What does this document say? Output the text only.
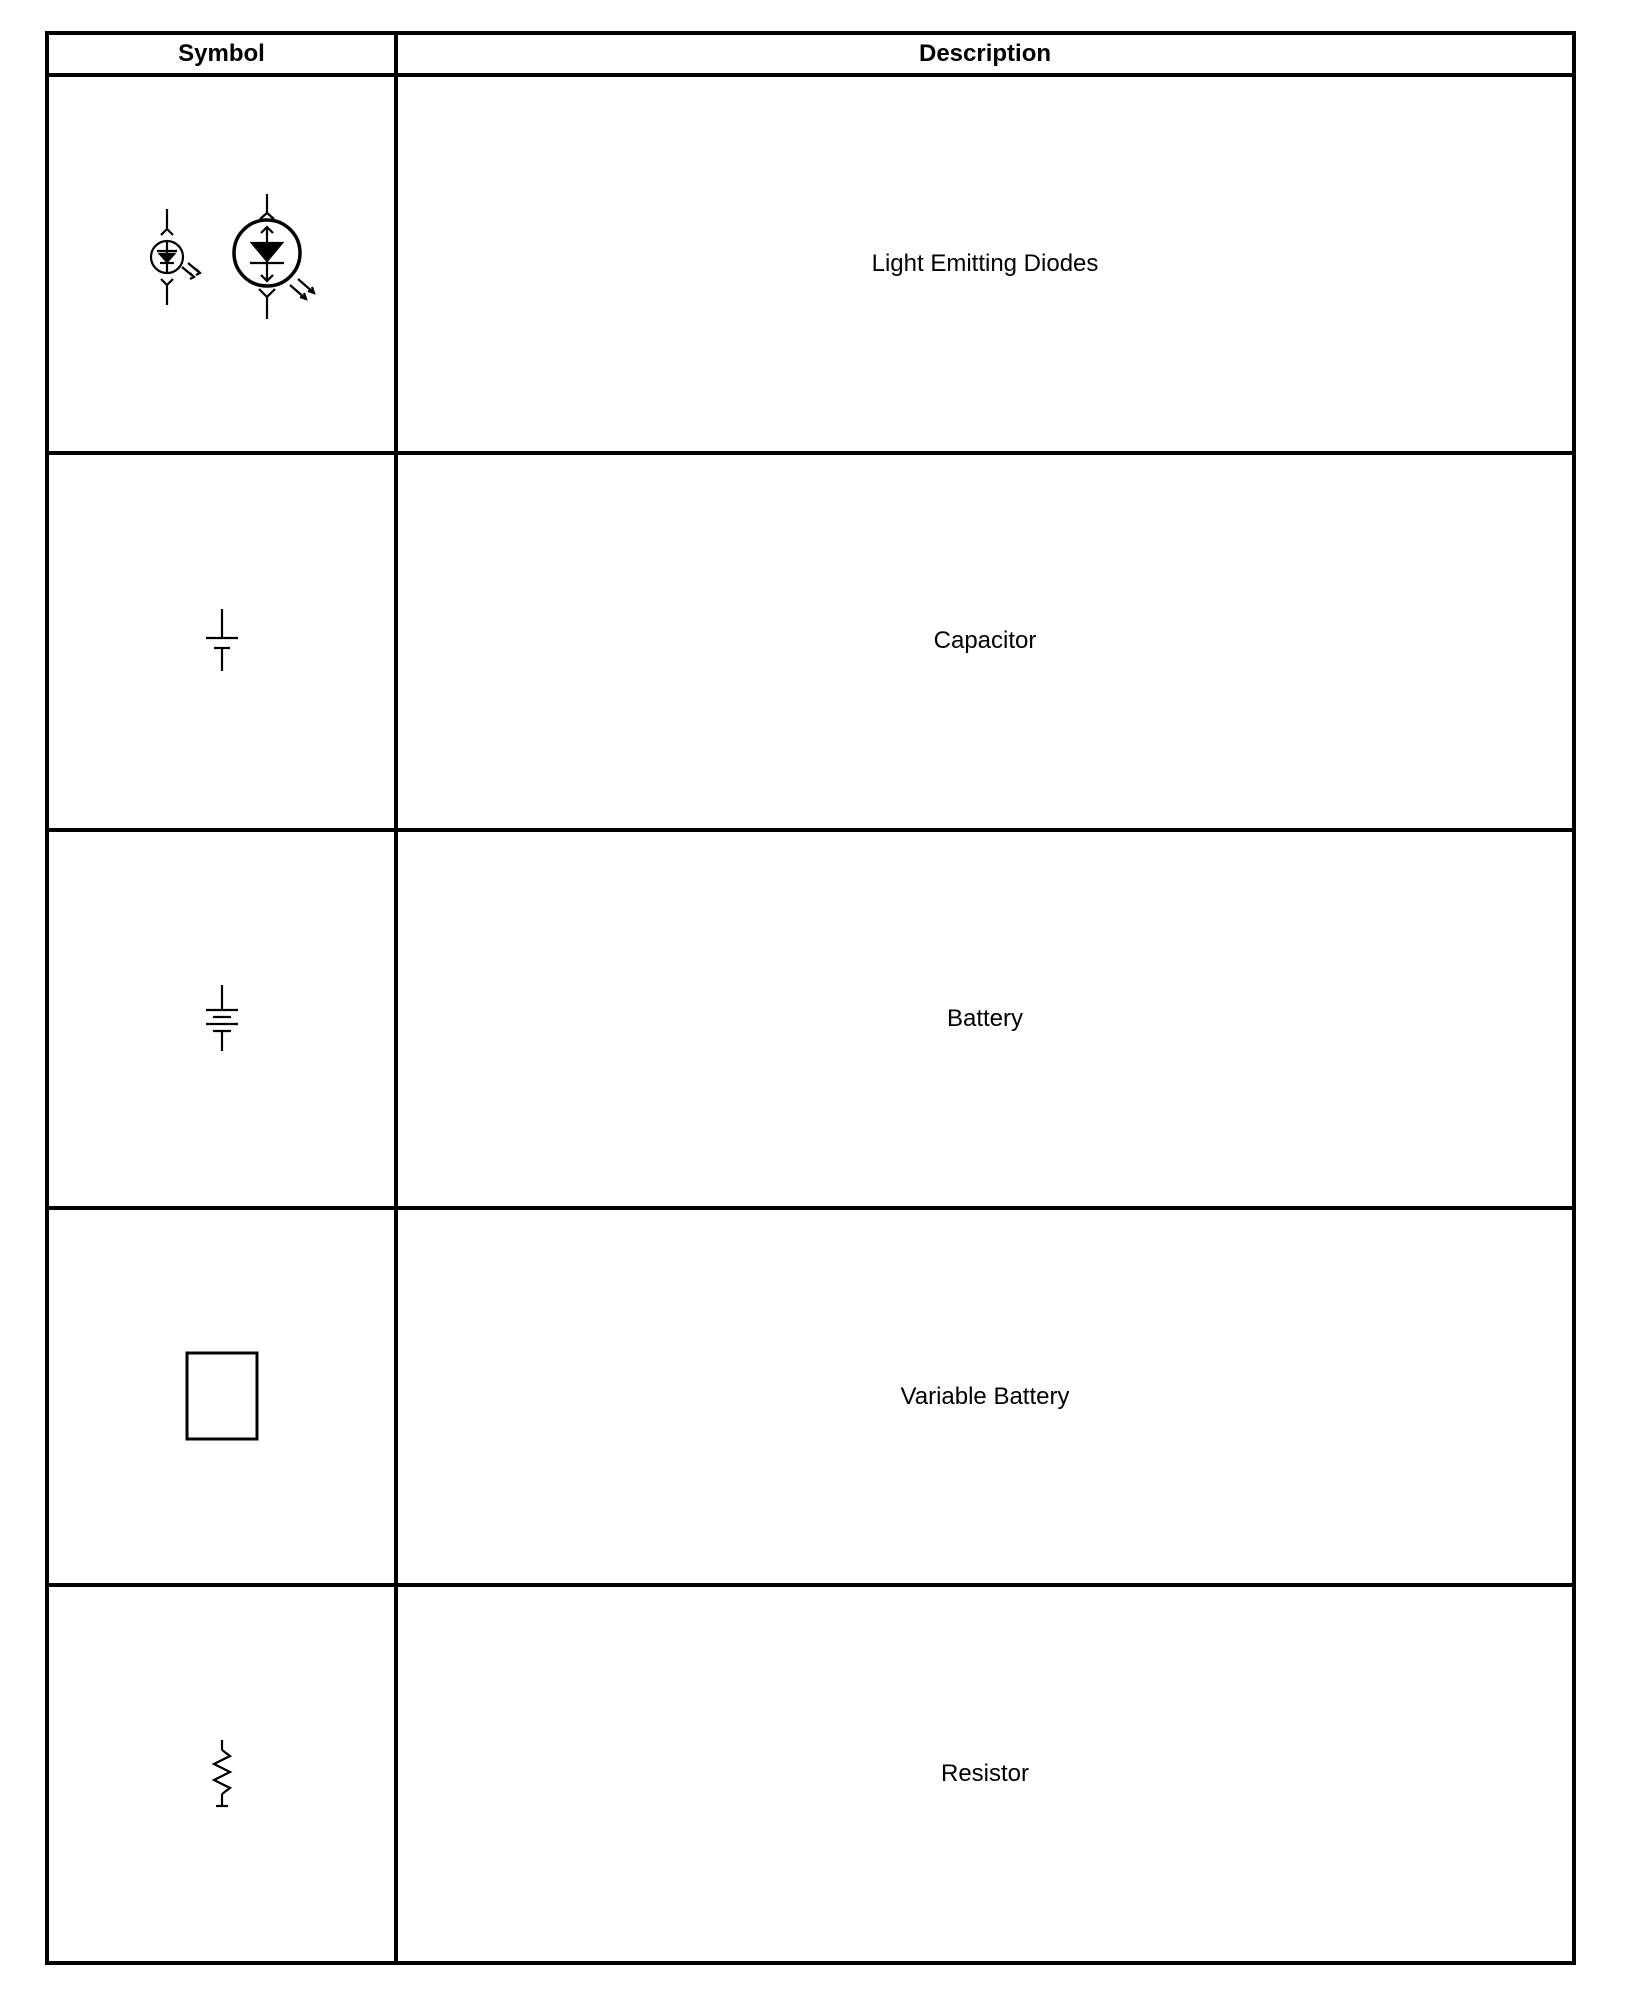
Symbol	Description

	Light Emitting Diodes

	Capacitor

	Battery

	Variable Battery

	Resistor
